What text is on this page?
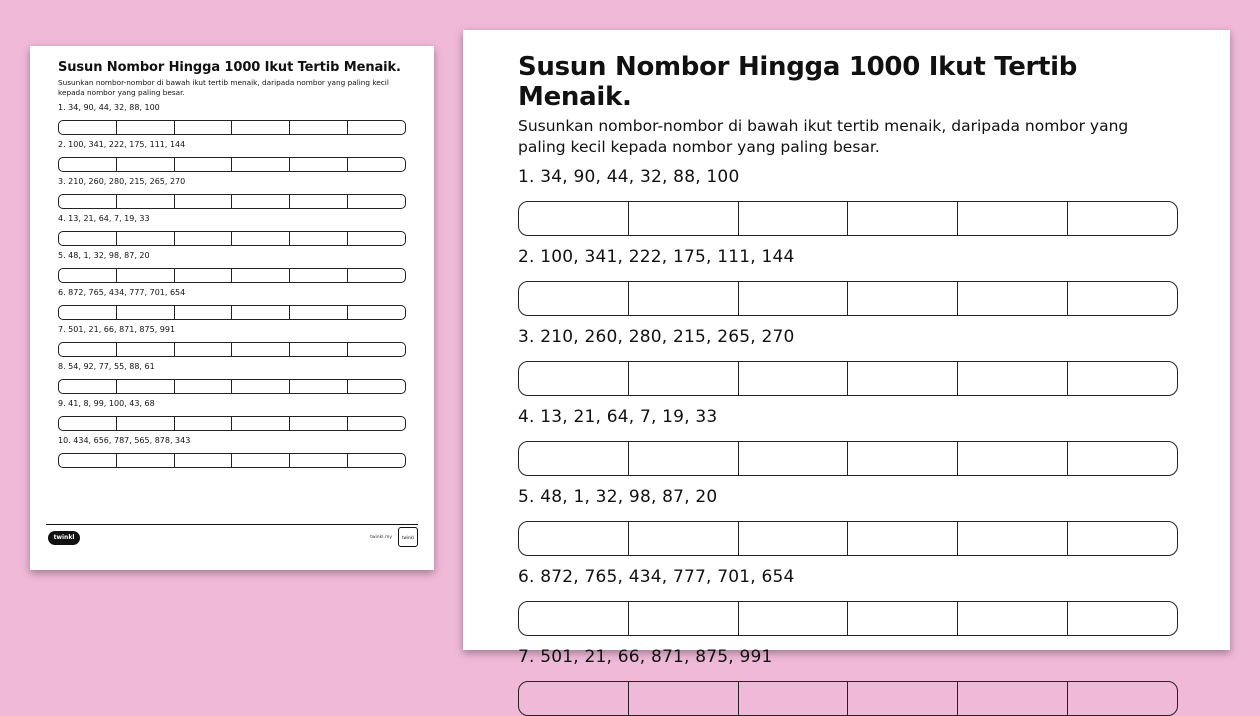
Susun Nombor Hingga 1000 Ikut Tertib Menaik.
Susunkan nombor-nombor di bawah ikut tertib menaik, daripada nombor yang paling kecil kepada nombor yang paling besar.
1. 34, 90, 44, 32, 88, 100
2. 100, 341, 222, 175, 111, 144
3. 210, 260, 280, 215, 265, 270
4. 13, 21, 64, 7, 19, 33
5. 48, 1, 32, 98, 87, 20
6. 872, 765, 434, 777, 701, 654
7. 501, 21, 66, 871, 875, 991
8. 54, 92, 77, 55, 88, 61
9. 41, 8, 99, 100, 43, 68
10. 434, 656, 787, 565, 878, 343
twinkl	twinkl.my	twinkl
Susun Nombor Hingga 1000 Ikut Tertib Menaik.
Susunkan nombor-nombor di bawah ikut tertib menaik, daripada nombor yang
paling kecil kepada nombor yang paling besar.
1. 34, 90, 44, 32, 88, 100
2. 100, 341, 222, 175, 111, 144
3. 210, 260, 280, 215, 265, 270
4. 13, 21, 64, 7, 19, 33
5. 48, 1, 32, 98, 87, 20
6. 872, 765, 434, 777, 701, 654
7. 501, 21, 66, 871, 875, 991
